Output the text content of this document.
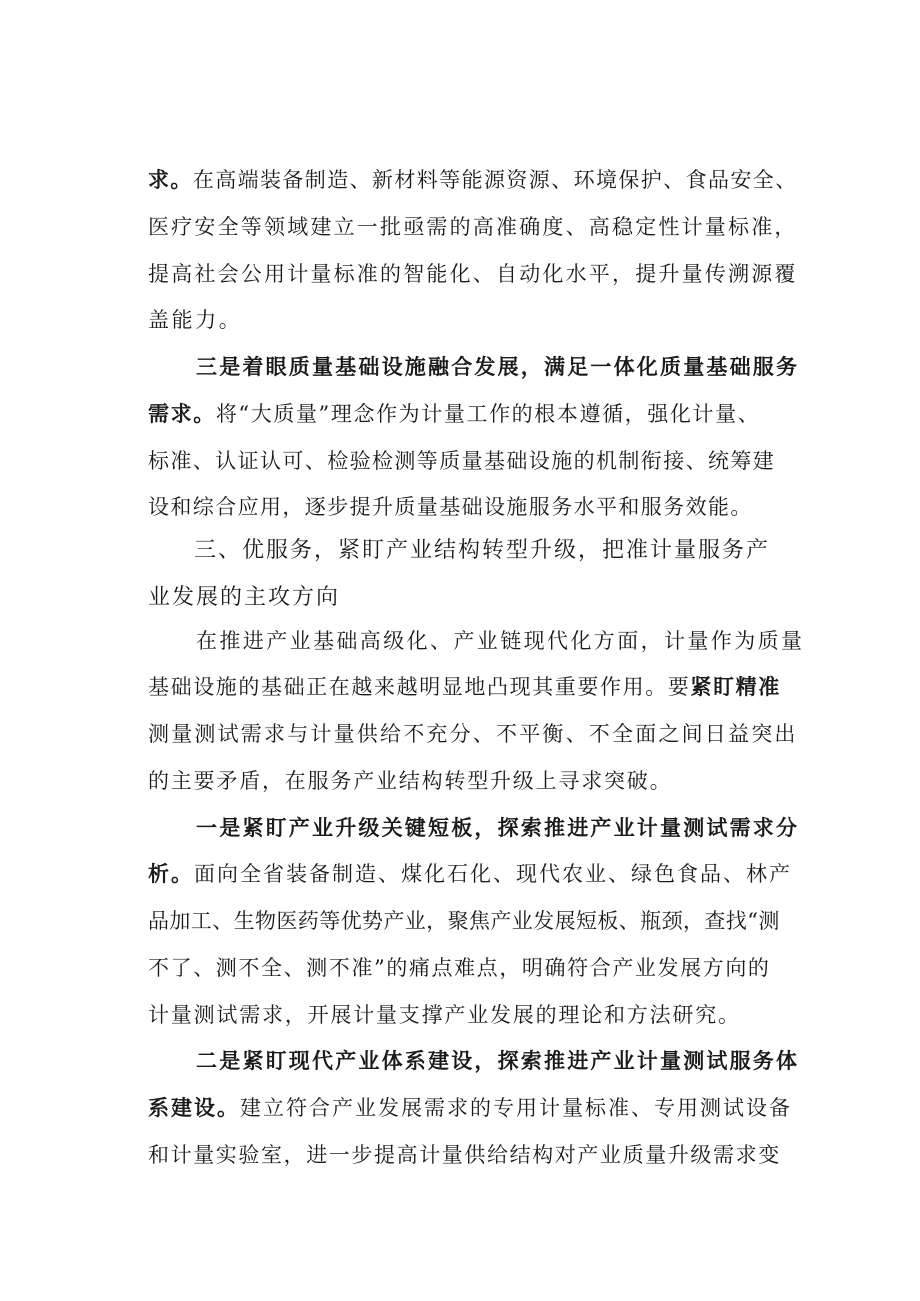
求。在高端装备制造、新材料等能源资源、环境保护、食品安全、
医疗安全等领域建立一批亟需的高准确度、高稳定性计量标准，
提高社会公用计量标准的智能化、自动化水平，提升量传溯源覆
盖能力。
三是着眼质量基础设施融合发展，满足一体化质量基础服务
需求。将“大质量”理念作为计量工作的根本遵循，强化计量、
标准、认证认可、检验检测等质量基础设施的机制衔接、统筹建
设和综合应用，逐步提升质量基础设施服务水平和服务效能。
三、优服务，紧盯产业结构转型升级，把准计量服务产
业发展的主攻方向
在推进产业基础高级化、产业链现代化方面，计量作为质量
基础设施的基础正在越来越明显地凸现其重要作用。要紧盯精准
测量测试需求与计量供给不充分、不平衡、不全面之间日益突出
的主要矛盾，在服务产业结构转型升级上寻求突破。
一是紧盯产业升级关键短板，探索推进产业计量测试需求分
析。面向全省装备制造、煤化石化、现代农业、绿色食品、林产
品加工、生物医药等优势产业，聚焦产业发展短板、瓶颈，查找“测
不了、测不全、测不准”的痛点难点，明确符合产业发展方向的
计量测试需求，开展计量支撑产业发展的理论和方法研究。
二是紧盯现代产业体系建设，探索推进产业计量测试服务体
系建设。建立符合产业发展需求的专用计量标准、专用测试设备
和计量实验室，进一步提高计量供给结构对产业质量升级需求变
